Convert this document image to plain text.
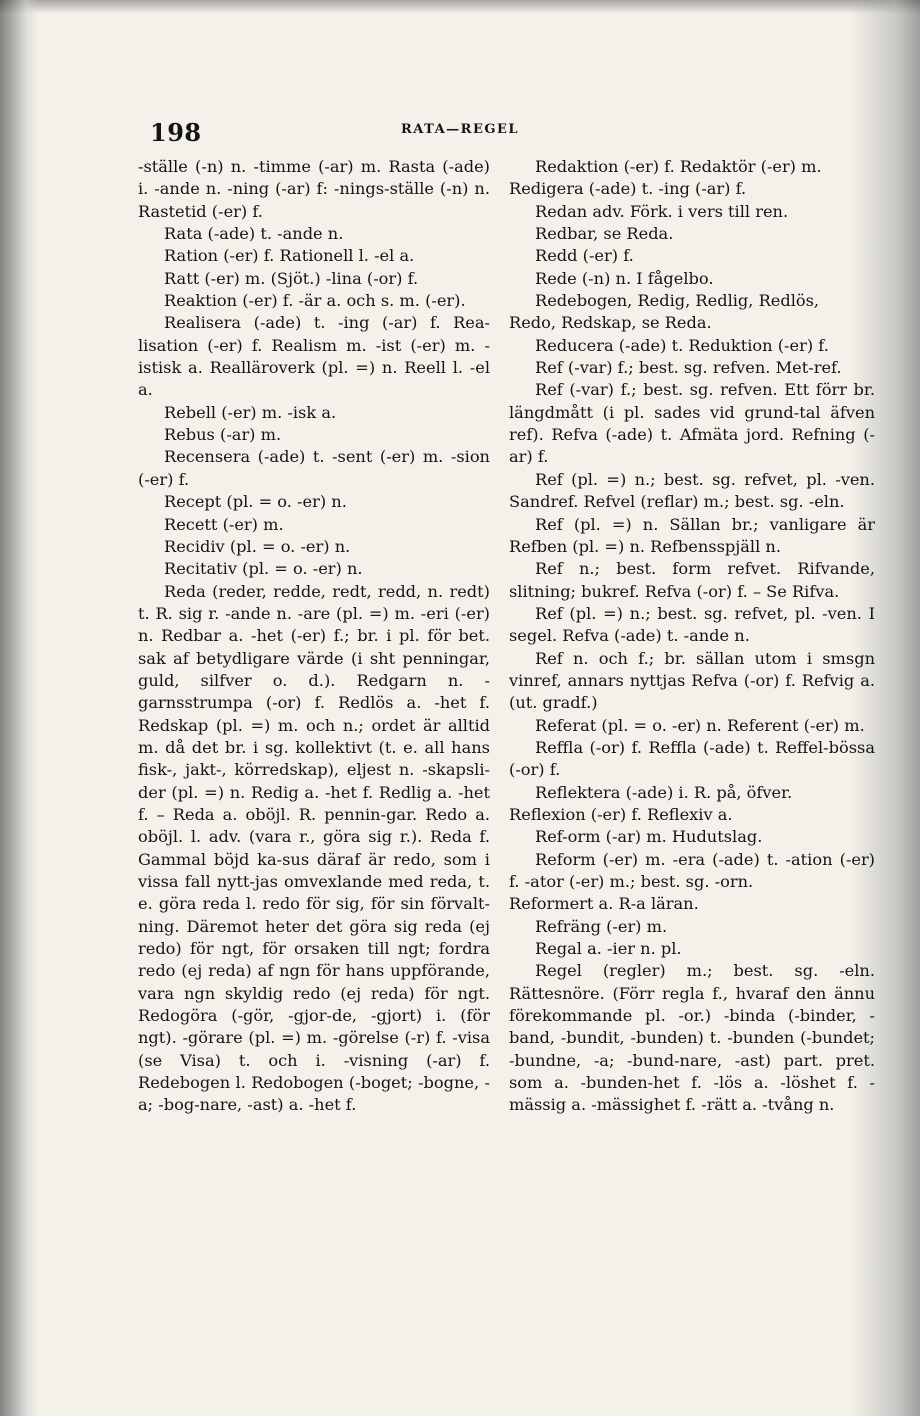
198	RATA—REGEL

-ställe (-n) n. -timme (-ar) m. Rasta (-ade) i. -ande n. -ning (-ar) f: -nings-ställe (-n) n. Rastetid (-er) f.

Rata (-ade) t. -ande n.

Ration (-er) f. Rationell l. -el a.

Ratt (-er) m. (Sjöt.) -lina (-or) f.

Reaktion (-er) f. -är a. och s. m. (-er).

Realisera (-ade) t. -ing (-ar) f. Rea-lisation (-er) f. Realism m. -ist (-er) m. -istisk a. Realläroverk (pl. =) n. Reell l. -el a.

Rebell (-er) m. -isk a.

Rebus (-ar) m.

Recensera (-ade) t. -sent (-er) m. -sion (-er) f.

Recept (pl. = o. -er) n.

Recett (-er) m.

Recidiv (pl. = o. -er) n.

Recitativ (pl. = o. -er) n.

Reda (reder, redde, redt, redd, n. redt) t. R. sig r. -ande n. -are (pl. =) m. -eri (-er) n. Redbar a. -het (-er) f.; br. i pl. för bet. sak af betydligare värde (i sht penningar, guld, silfver o. d.). Redgarn n. -garnsstrumpa (-or) f. Redlös a. -het f. Redskap (pl. =) m. och n.; ordet är alltid m. då det br. i sg. kollektivt (t. e. all hans fisk-, jakt-, körredskap), eljest n. -skapsli-der (pl. =) n. Redig a. -het f. Redlig a. -het f. – Reda a. oböjl. R. pennin-gar. Redo a. oböjl. l. adv. (vara r., göra sig r.). Reda f. Gammal böjd ka-sus däraf är redo, som i vissa fall nytt-jas omvexlande med reda, t. e. göra reda l. redo för sig, för sin förvalt-ning. Däremot heter det göra sig reda (ej redo) för ngt, för orsaken till ngt; fordra redo (ej reda) af ngn för hans uppförande, vara ngn skyldig redo (ej reda) för ngt. Redogöra (-gör, -gjor-de, -gjort) i. (för ngt). -görare (pl. =) m. -görelse (-r) f. -visa (se Visa) t. och i. -visning (-ar) f. Redebogen l. Redobogen (-boget; -bogne, -a; -bog-nare, -ast) a. -het f.

Redaktion (-er) f. Redaktör (-er) m.

Redigera (-ade) t. -ing (-ar) f.

Redan adv. Förk. i vers till ren.

Redbar, se Reda.

Redd (-er) f.

Rede (-n) n. I fågelbo.

Redebogen, Redig, Redlig, Redlös,

Redo, Redskap, se Reda.

Reducera (-ade) t. Reduktion (-er) f.

Ref (-var) f.; best. sg. refven. Met-ref.

Ref (-var) f.; best. sg. refven. Ett förr br. längdmått (i pl. sades vid grund-tal äfven ref). Refva (-ade) t. Afmäta jord. Refning (-ar) f.

Ref (pl. =) n.; best. sg. refvet, pl. -ven. Sandref. Refvel (reflar) m.; best. sg. -eln.

Ref (pl. =) n. Sällan br.; vanligare är Refben (pl. =) n. Refbensspjäll n.

Ref n.; best. form refvet. Rifvande, slitning; bukref. Refva (-or) f. – Se Rifva.

Ref (pl. =) n.; best. sg. refvet, pl. -ven. I segel. Refva (-ade) t. -ande n.

Ref n. och f.; br. sällan utom i smsgn vinref, annars nyttjas Refva (-or) f. Refvig a. (ut. gradf.)

Referat (pl. = o. -er) n. Referent (-er) m.

Reffla (-or) f. Reffla (-ade) t. Reffel-bössa (-or) f.

Reflektera (-ade) i. R. på, öfver.

Reflexion (-er) f. Reflexiv a.

Ref-orm (-ar) m. Hudutslag.

Reform (-er) m. -era (-ade) t. -ation (-er) f. -ator (-er) m.; best. sg. -orn.

Reformert a. R-a läran.

Refräng (-er) m.

Regal a. -ier n. pl.

Regel (regler) m.; best. sg. -eln. Rättesnöre. (Förr regla f., hvaraf den ännu förekommande pl. -or.) -binda (-binder, -band, -bundit, -bunden) t. -bunden (-bundet; -bundne, -a; -bund-nare, -ast) part. pret. som a. -bunden-het f. -lös a. -löshet f. -mässig a. -mässighet f. -rätt a. -tvång n.
